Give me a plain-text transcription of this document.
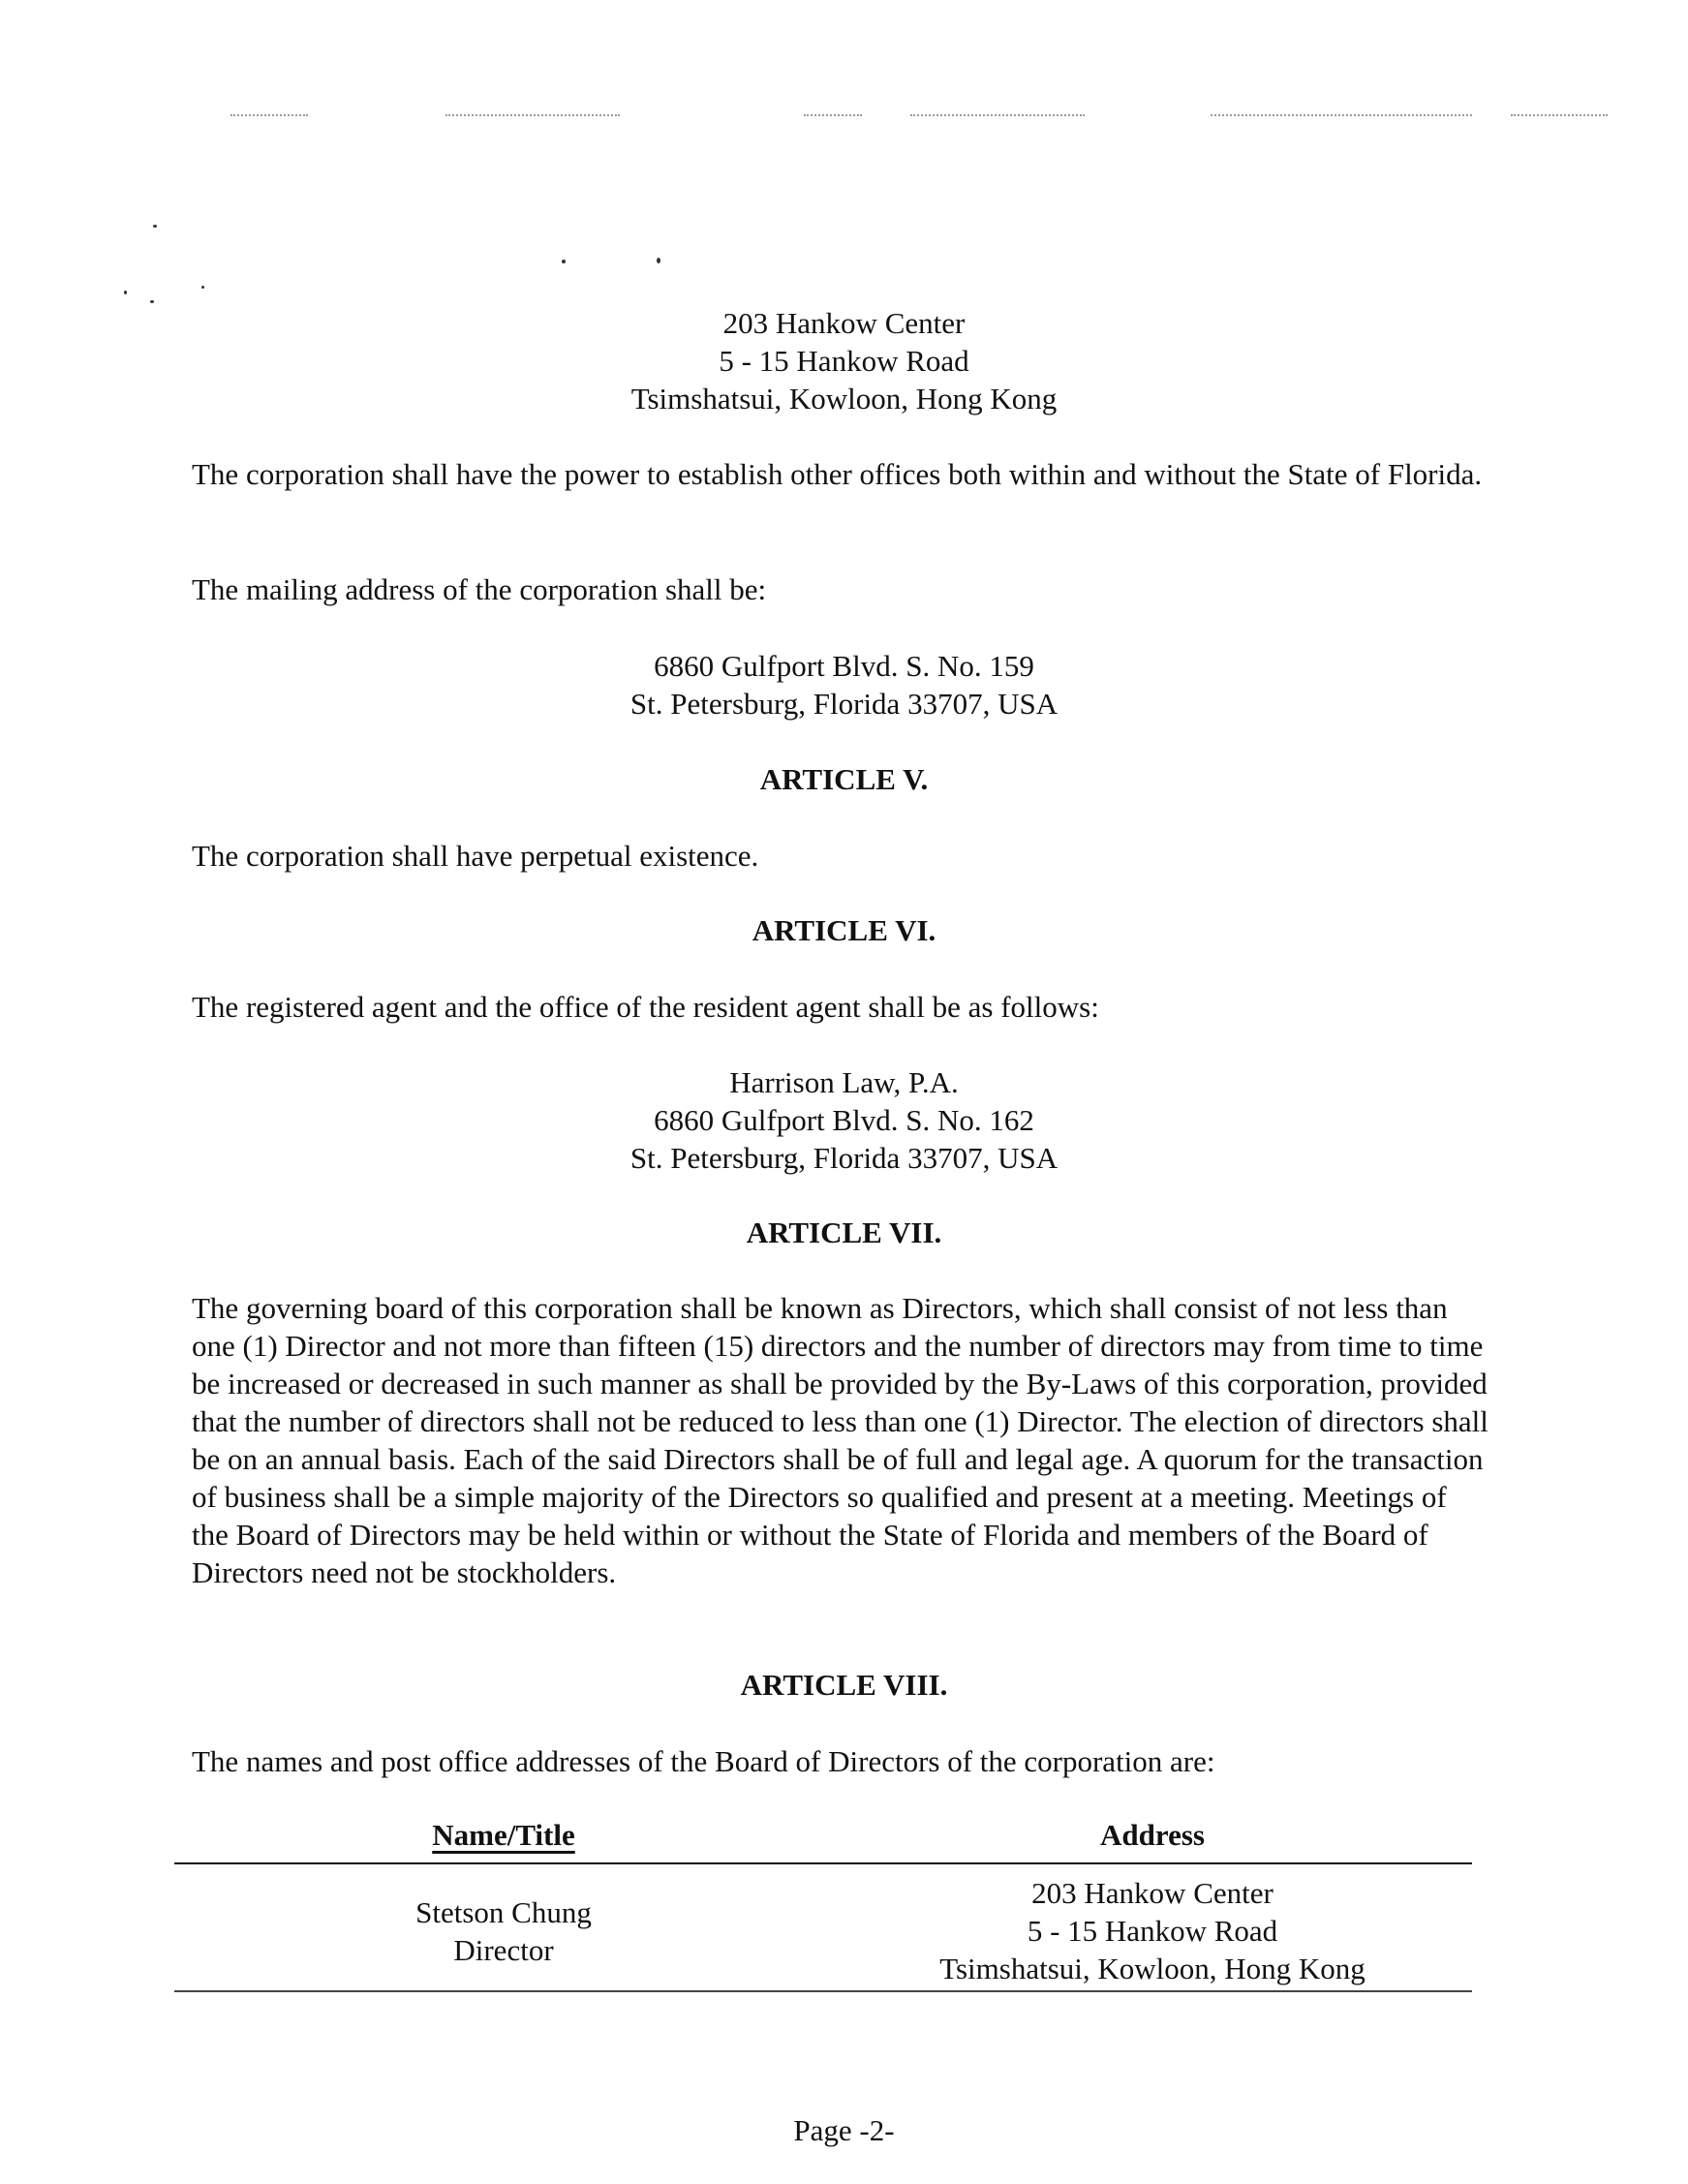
203 Hankow Center
5 - 15 Hankow Road
Tsimshatsui, Kowloon, Hong Kong
The corporation shall have the power to establish other offices both within and without the State of Florida.
The mailing address of the corporation shall be:
6860 Gulfport Blvd. S. No. 159
St. Petersburg, Florida 33707, USA
ARTICLE V.
The corporation shall have perpetual existence.
ARTICLE VI.
The registered agent and the office of the resident agent shall be as follows:
Harrison Law, P.A.
6860 Gulfport Blvd. S. No. 162
St. Petersburg, Florida 33707, USA
ARTICLE VII.
The governing board of this corporation shall be known as Directors, which shall consist of not less than one (1) Director and not more than fifteen (15) directors and the number of directors may from time to time be increased or decreased in such manner as shall be provided by the By-Laws of this corporation, provided that the number of directors shall not be reduced to less than one (1) Director. The election of directors shall be on an annual basis. Each of the said Directors shall be of full and legal age. A quorum for the transaction of business shall be a simple majority of the Directors so qualified and present at a meeting. Meetings of the Board of Directors may be held within or without the State of Florida and members of the Board of Directors need not be stockholders.
ARTICLE VIII.
The names and post office addresses of the Board of Directors of the corporation are:
Name/Title	Address
Stetson Chung
Director
203 Hankow Center
5 - 15 Hankow Road
Tsimshatsui, Kowloon, Hong Kong
Page -2-
